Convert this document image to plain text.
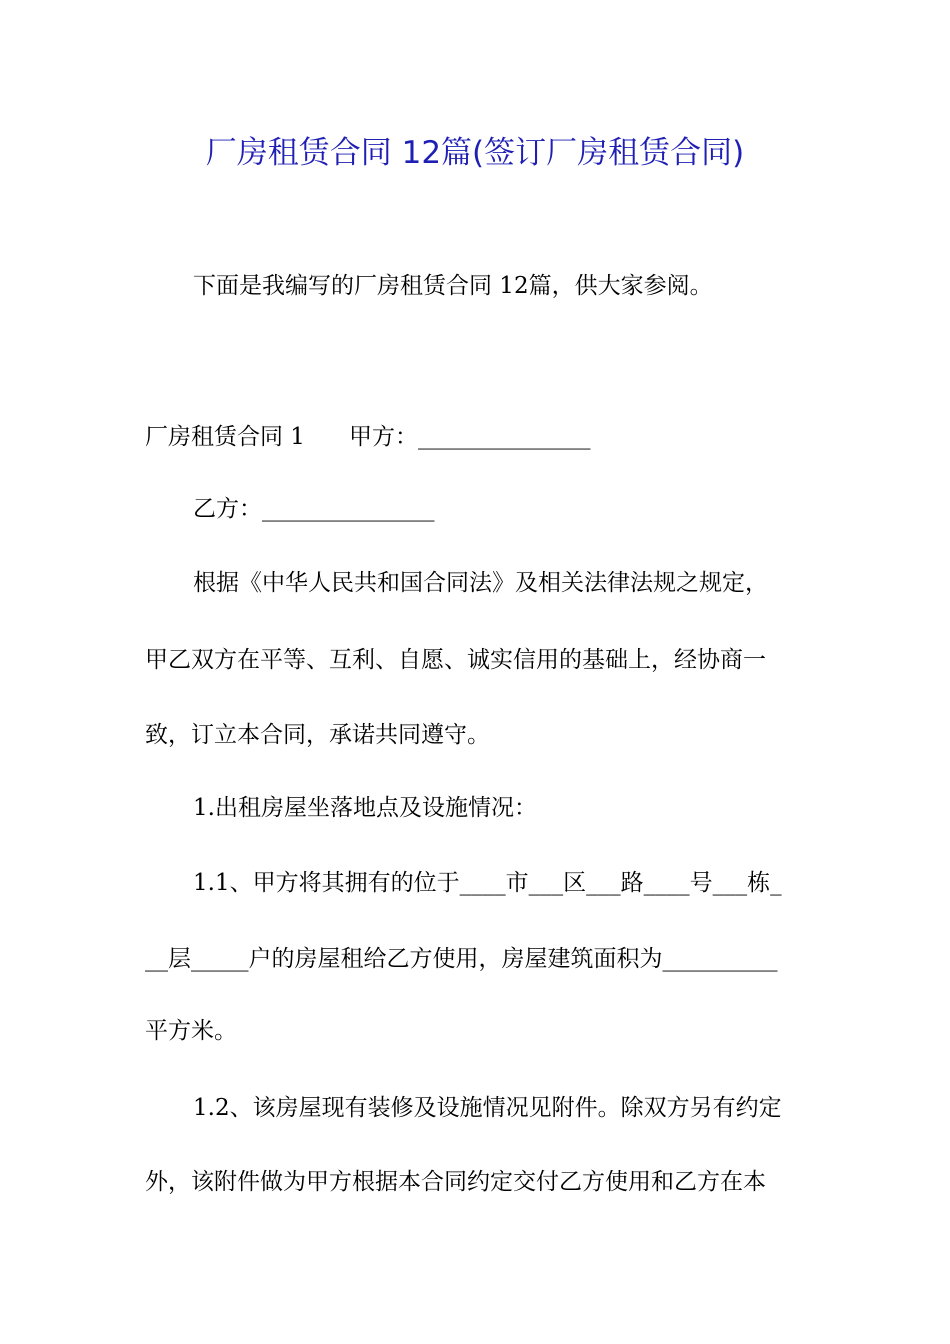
厂房租赁合同 12篇(签订厂房租赁合同)

下面是我编写的厂房租赁合同 12篇，供大家参阅。

厂房租赁合同 1 甲方：_______________

乙方：_______________

根据《中华人民共和国合同法》及相关法律法规之规定，

甲乙双方在平等、互利、自愿、诚实信用的基础上，经协商一

致，订立本合同，承诺共同遵守。

1.出租房屋坐落地点及设施情况：

1.1、甲方将其拥有的位于____市___区___路____号___栋_

__层_____户的房屋租给乙方使用，房屋建筑面积为__________

平方米。

1.2、该房屋现有装修及设施情况见附件。除双方另有约定

外，该附件做为甲方根据本合同约定交付乙方使用和乙方在本
